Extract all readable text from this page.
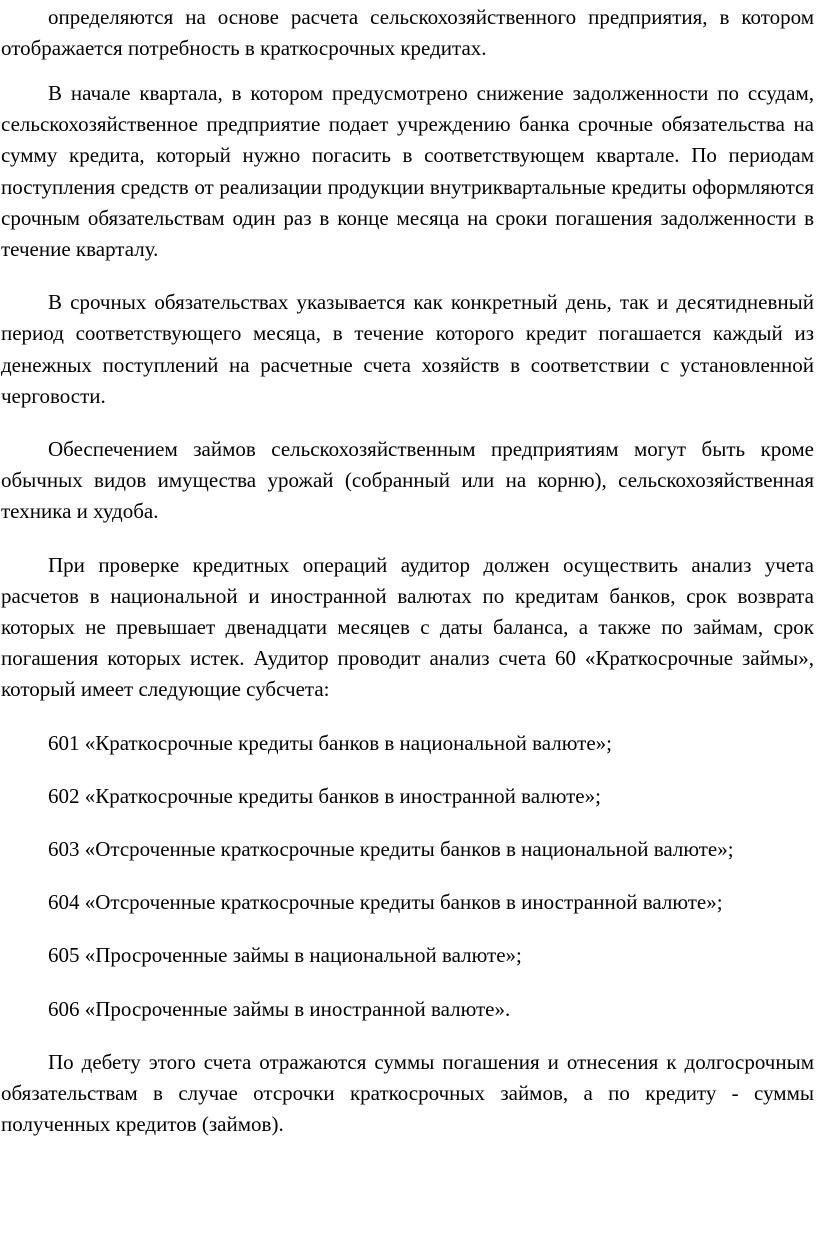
определяются на основе расчета сельскохозяйственного предприятия, в котором отображается потребность в краткосрочных кредитах.

В начале квартала, в котором предусмотрено снижение задолженности по ссудам, сельскохозяйственное предприятие подает учреждению банка срочные обязательства на сумму кредита, который нужно погасить в соответствующем квартале. По периодам поступления средств от реализации продукции внутриквартальные кредиты оформляются срочным обязательствам один раз в конце месяца на сроки погашения задолженности в течение кварталу.

В срочных обязательствах указывается как конкретный день, так и десятидневный период соответствующего месяца, в течение которого кредит погашается каждый из денежных поступлений на расчетные счета хозяйств в соответствии с установленной черговости.

Обеспечением займов сельскохозяйственным предприятиям могут быть кроме обычных видов имущества урожай (собранный или на корню), сельскохозяйственная техника и худоба.

При проверке кредитных операций аудитор должен осуществить анализ учета расчетов в национальной и иностранной валютах по кредитам банков, срок возврата которых не превышает двенадцати месяцев с даты баланса, а также по займам, срок погашения которых истек. Аудитор проводит анализ счета 60 «Краткосрочные займы», который имеет следующие субсчета:

601 «Краткосрочные кредиты банков в национальной валюте»;

602 «Краткосрочные кредиты банков в иностранной валюте»;

603 «Отсроченные краткосрочные кредиты банков в национальной валюте»;

604 «Отсроченные краткосрочные кредиты банков в иностранной валюте»;

605 «Просроченные займы в национальной валюте»;

606 «Просроченные займы в иностранной валюте».

По дебету этого счета отражаются суммы погашения и отнесения к долгосрочным обязательствам в случае отсрочки краткосрочных займов, а по кредиту - суммы полученных кредитов (займов).
